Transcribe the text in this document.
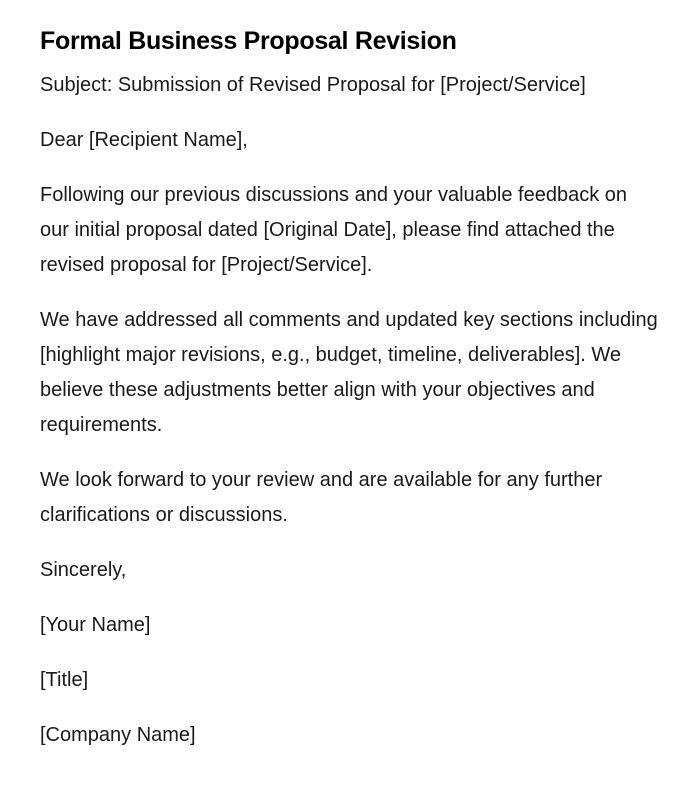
Formal Business Proposal Revision

Subject: Submission of Revised Proposal for [Project/Service]

Dear [Recipient Name],

Following our previous discussions and your valuable feedback on our initial proposal dated [Original Date], please find attached the revised proposal for [Project/Service].

We have addressed all comments and updated key sections including [highlight major revisions, e.g., budget, timeline, deliverables]. We believe these adjustments better align with your objectives and requirements.

We look forward to your review and are available for any further clarifications or discussions.

Sincerely,

[Your Name]

[Title]

[Company Name]
